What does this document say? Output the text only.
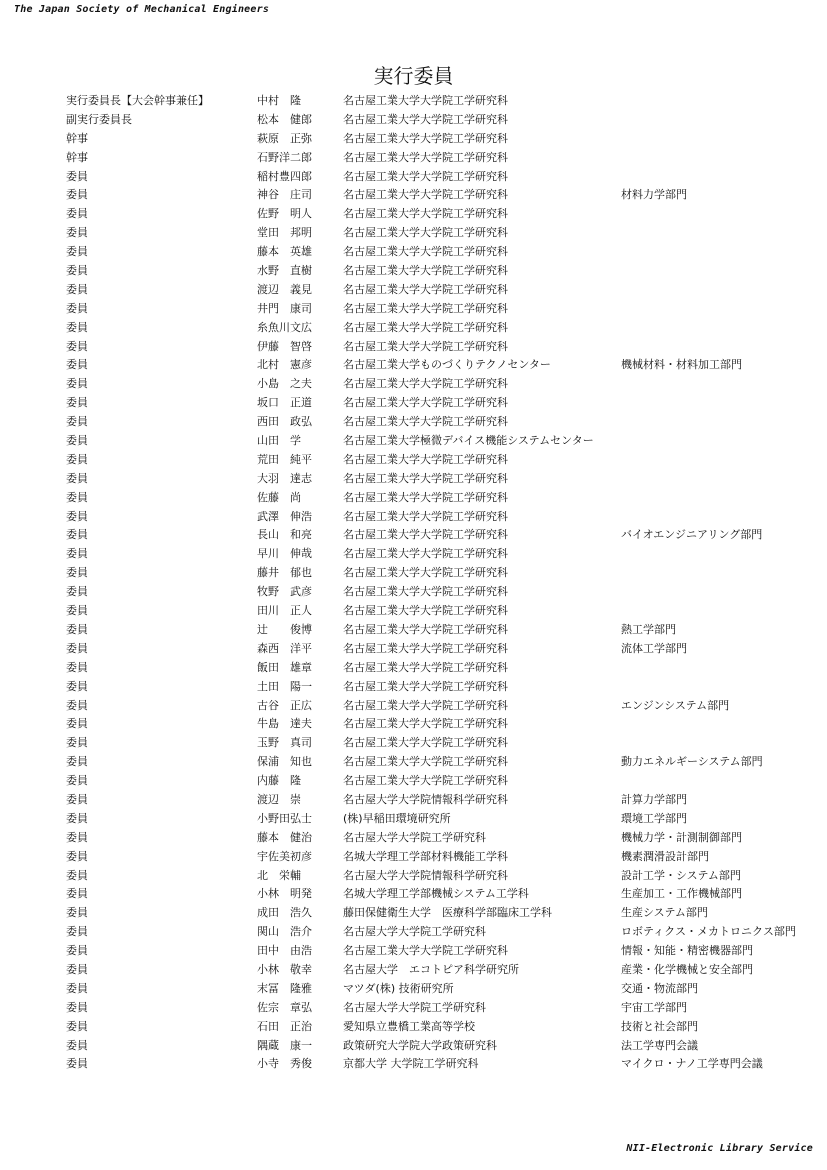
The Japan Society of Mechanical Engineers
実行委員
実行委員長【大会幹事兼任】	中村　隆	名古屋工業大学大学院工学研究科
副実行委員長	松本　健郎	名古屋工業大学大学院工学研究科
幹事	萩原　正弥	名古屋工業大学大学院工学研究科
幹事	石野洋二郎	名古屋工業大学大学院工学研究科
委員	稲村豊四郎	名古屋工業大学大学院工学研究科
委員	神谷　庄司	名古屋工業大学大学院工学研究科	材料力学部門
委員	佐野　明人	名古屋工業大学大学院工学研究科
委員	堂田　邦明	名古屋工業大学大学院工学研究科
委員	藤本　英雄	名古屋工業大学大学院工学研究科
委員	水野　直樹	名古屋工業大学大学院工学研究科
委員	渡辺　義見	名古屋工業大学大学院工学研究科
委員	井門　康司	名古屋工業大学大学院工学研究科
委員	糸魚川文広	名古屋工業大学大学院工学研究科
委員	伊藤　智啓	名古屋工業大学大学院工学研究科
委員	北村　憲彦	名古屋工業大学ものづくりテクノセンター	機械材料・材料加工部門
委員	小島　之夫	名古屋工業大学大学院工学研究科
委員	坂口　正道	名古屋工業大学大学院工学研究科
委員	西田　政弘	名古屋工業大学大学院工学研究科
委員	山田　学	名古屋工業大学極微デバイス機能システムセンター
委員	荒田　純平	名古屋工業大学大学院工学研究科
委員	大羽　達志	名古屋工業大学大学院工学研究科
委員	佐藤　尚	名古屋工業大学大学院工学研究科
委員	武澤　伸浩	名古屋工業大学大学院工学研究科
委員	長山　和亮	名古屋工業大学大学院工学研究科	バイオエンジニアリング部門
委員	早川　伸哉	名古屋工業大学大学院工学研究科
委員	藤井　郁也	名古屋工業大学大学院工学研究科
委員	牧野　武彦	名古屋工業大学大学院工学研究科
委員	田川　正人	名古屋工業大学大学院工学研究科
委員	辻　　俊博	名古屋工業大学大学院工学研究科	熱工学部門
委員	森西　洋平	名古屋工業大学大学院工学研究科	流体工学部門
委員	飯田　雄章	名古屋工業大学大学院工学研究科
委員	土田　陽一	名古屋工業大学大学院工学研究科
委員	古谷　正広	名古屋工業大学大学院工学研究科	エンジンシステム部門
委員	牛島　達夫	名古屋工業大学大学院工学研究科
委員	玉野　真司	名古屋工業大学大学院工学研究科
委員	保浦　知也	名古屋工業大学大学院工学研究科	動力エネルギーシステム部門
委員	内藤　隆	名古屋工業大学大学院工学研究科
委員	渡辺　崇	名古屋大学大学院情報科学研究科	計算力学部門
委員	小野田弘士	(株)早稲田環境研究所	環境工学部門
委員	藤本　健治	名古屋大学大学院工学研究科	機械力学・計測制御部門
委員	宇佐美初彦	名城大学理工学部材料機能工学科	機素潤滑設計部門
委員	北　栄輔	名古屋大学大学院情報科学研究科	設計工学・システム部門
委員	小林　明発	名城大学理工学部機械システム工学科	生産加工・工作機械部門
委員	成田　浩久	藤田保健衛生大学　医療科学部臨床工学科	生産システム部門
委員	関山　浩介	名古屋大学大学院工学研究科	ロボティクス・メカトロニクス部門
委員	田中　由浩	名古屋工業大学大学院工学研究科	情報・知能・精密機器部門
委員	小林　敬幸	名古屋大学　エコトピア科学研究所	産業・化学機械と安全部門
委員	末冨　隆雅	マツダ(株) 技術研究所	交通・物流部門
委員	佐宗　章弘	名古屋大学大学院工学研究科	宇宙工学部門
委員	石田　正治	愛知県立豊橋工業高等学校	技術と社会部門
委員	隅蔵　康一	政策研究大学院大学政策研究科	法工学専門会議
委員	小寺　秀俊	京都大学 大学院工学研究科	マイクロ・ナノ工学専門会議
NII-Electronic Library Service
